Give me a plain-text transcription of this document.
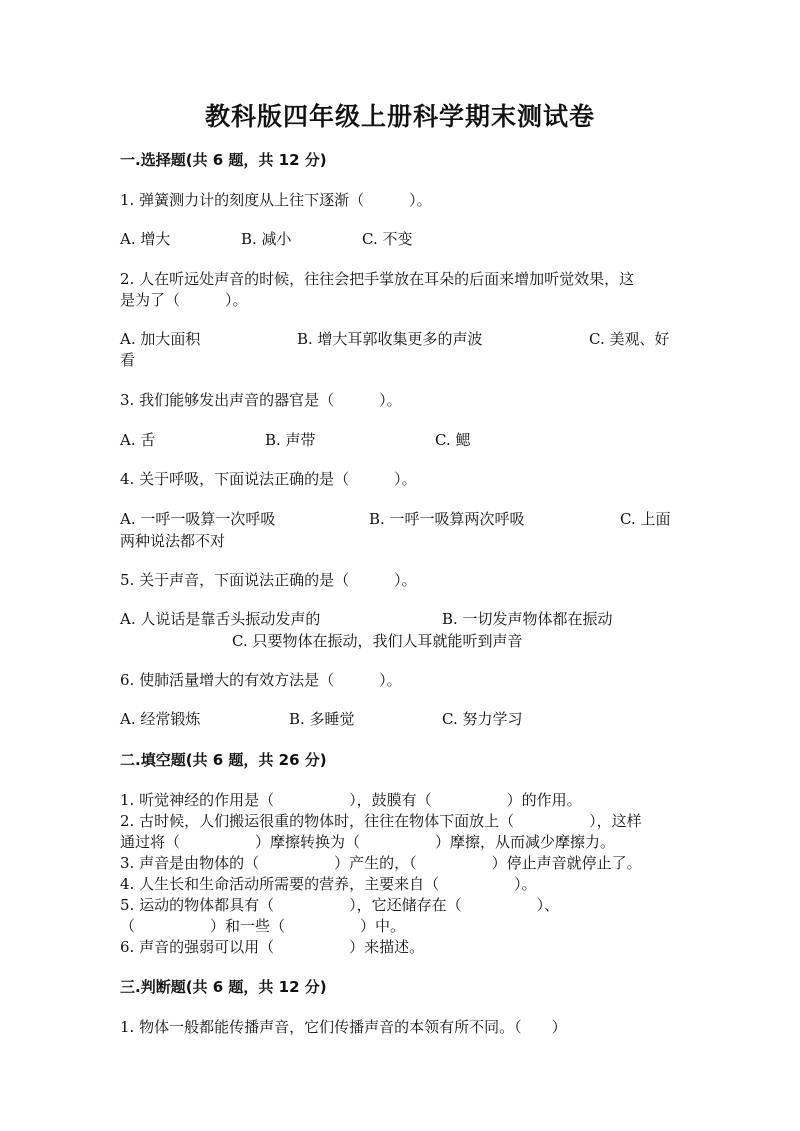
教科版四年级上册科学期末测试卷
一.选择题(共 6 题，共 12 分)
1. 弹簧测力计的刻度从上往下逐渐（　　　）。
A. 增大	B. 减小	C. 不变
2. 人在听远处声音的时候，往往会把手掌放在耳朵的后面来增加听觉效果，这
是为了（　　　）。
A. 加大面积	B. 增大耳郭收集更多的声波	C. 美观、好
看
3. 我们能够发出声音的器官是（　　　）。
A. 舌	B. 声带	C. 鳃
4. 关于呼吸，下面说法正确的是（　　　）。
A. 一呼一吸算一次呼吸	B. 一呼一吸算两次呼吸	C. 上面
两种说法都不对
5. 关于声音，下面说法正确的是（　　　）。
A. 人说话是靠舌头振动发声的	B. 一切发声物体都在振动
C. 只要物体在振动，我们人耳就能听到声音
6. 使肺活量增大的有效方法是（　　　）。
A. 经常锻炼	B. 多睡觉	C. 努力学习
二.填空题(共 6 题，共 26 分)
1. 听觉神经的作用是（　　　　　），鼓膜有（　　　　　）的作用。
2. 古时候，人们搬运很重的物体时，往往在物体下面放上（　　　　　），这样
通过将（　　　　　）摩擦转换为（　　　　　）摩擦，从而减少摩擦力。
3. 声音是由物体的（　　　　　）产生的，（　　　　　）停止声音就停止了。
4. 人生长和生命活动所需要的营养，主要来自（　　　　　）。
5. 运动的物体都具有（　　　　　），它还储存在（　　　　　）、
（　　　　　）和一些（　　　　　）中。
6. 声音的强弱可以用（　　　　　）来描述。
三.判断题(共 6 题，共 12 分)
1. 物体一般都能传播声音，它们传播声音的本领有所不同。（　　）
